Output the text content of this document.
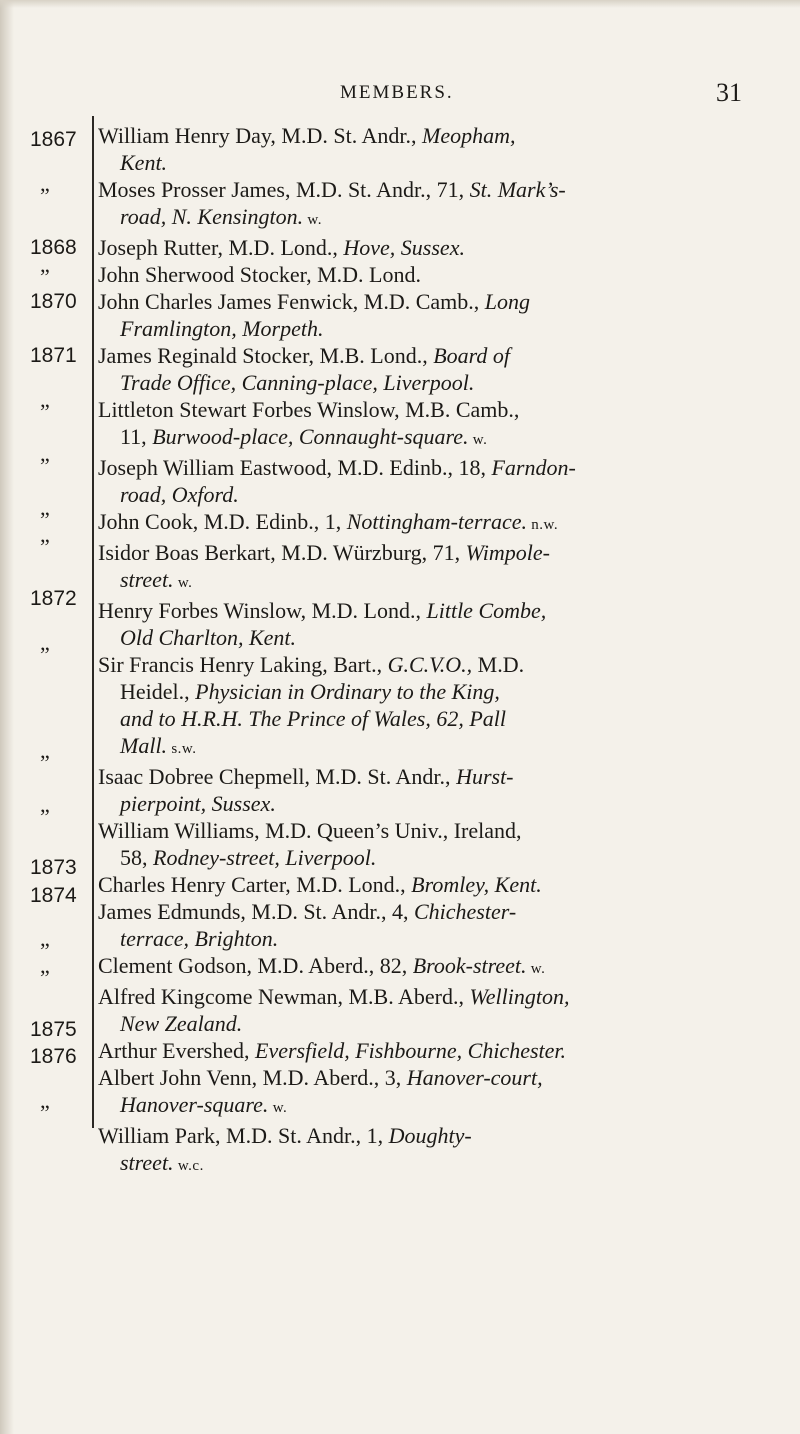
MEMBERS.	31
1867
”
1868
”
1870
1871
”
”
”
”
1872
”
”
”
1873
1874
”
”
1875
1876
”

William Henry Day, M.D. St. Andr., Meopham,
Kent.

Moses Prosser James, M.D. St. Andr., 71, St. Mark’s-
road, N. Kensington. w.

Joseph Rutter, M.D. Lond., Hove, Sussex.

John Sherwood Stocker, M.D. Lond.

John Charles James Fenwick, M.D. Camb., Long
Framlington, Morpeth.

James Reginald Stocker, M.B. Lond., Board of
Trade Office, Canning-place, Liverpool.

Littleton Stewart Forbes Winslow, M.B. Camb.,
11, Burwood-place, Connaught-square. w.

Joseph William Eastwood, M.D. Edinb., 18, Farndon-
road, Oxford.

John Cook, M.D. Edinb., 1, Nottingham-terrace. n.w.

Isidor Boas Berkart, M.D. Würzburg, 71, Wimpole-
street. w.

Henry Forbes Winslow, M.D. Lond., Little Combe,
Old Charlton, Kent.

Sir Francis Henry Laking, Bart., G.C.V.O., M.D.
Heidel., Physician in Ordinary to the King,
and to H.R.H. The Prince of Wales, 62, Pall
Mall. s.w.

Isaac Dobree Chepmell, M.D. St. Andr., Hurst-
pierpoint, Sussex.

William Williams, M.D. Queen’s Univ., Ireland,
58, Rodney-street, Liverpool.

Charles Henry Carter, M.D. Lond., Bromley, Kent.

James Edmunds, M.D. St. Andr., 4, Chichester-
terrace, Brighton.

Clement Godson, M.D. Aberd., 82, Brook-street. w.

Alfred Kingcome Newman, M.B. Aberd., Wellington,
New Zealand.

Arthur Evershed, Eversfield, Fishbourne, Chichester.

Albert John Venn, M.D. Aberd., 3, Hanover-court,
Hanover-square. w.

William Park, M.D. St. Andr., 1, Doughty-
street. w.c.
